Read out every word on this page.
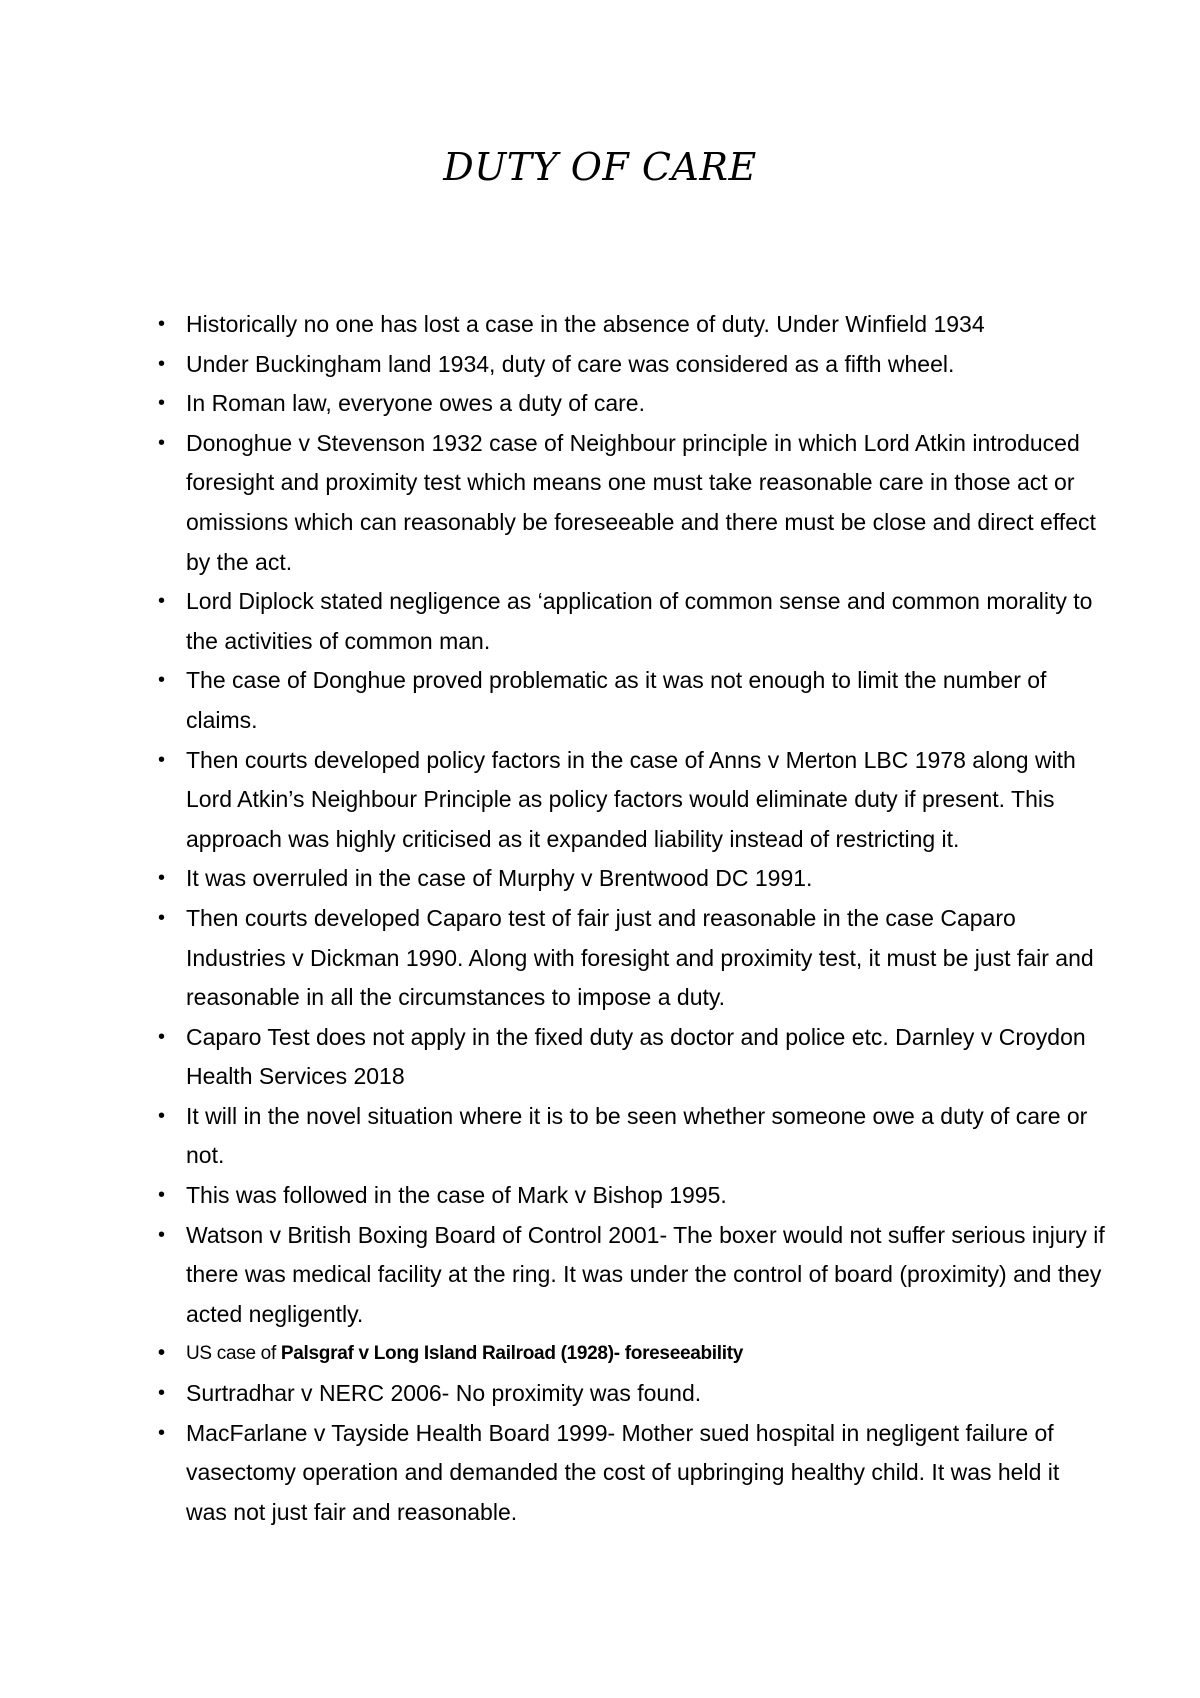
DUTY OF CARE
• Historically no one has lost a case in the absence of duty. Under Winfield 1934
• Under Buckingham land 1934, duty of care was considered as a fifth wheel.
• In Roman law, everyone owes a duty of care.
• Donoghue v Stevenson 1932 case of Neighbour principle in which Lord Atkin introduced foresight and proximity test which means one must take reasonable care in those act or omissions which can reasonably be foreseeable and there must be close and direct effect by the act.
• Lord Diplock stated negligence as ‘application of common sense and common morality to the activities of common man.
• The case of Donghue proved problematic as it was not enough to limit the number of claims.
• Then courts developed policy factors in the case of Anns v Merton LBC 1978 along with Lord Atkin’s Neighbour Principle as policy factors would eliminate duty if present. This approach was highly criticised as it expanded liability instead of restricting it.
• It was overruled in the case of Murphy v Brentwood DC 1991.
• Then courts developed Caparo test of fair just and reasonable in the case Caparo Industries v Dickman 1990. Along with foresight and proximity test, it must be just fair and reasonable in all the circumstances to impose a duty.
• Caparo Test does not apply in the fixed duty as doctor and police etc. Darnley v Croydon Health Services 2018
• It will in the novel situation where it is to be seen whether someone owe a duty of care or not.
• This was followed in the case of Mark v Bishop 1995.
• Watson v British Boxing Board of Control 2001- The boxer would not suffer serious injury if there was medical facility at the ring. It was under the control of board (proximity) and they acted negligently.
• US case of Palsgraf v Long Island Railroad (1928)- foreseeability
• Surtradhar v NERC 2006- No proximity was found.
• MacFarlane v Tayside Health Board 1999- Mother sued hospital in negligent failure of vasectomy operation and demanded the cost of upbringing healthy child. It was held it was not just fair and reasonable.
